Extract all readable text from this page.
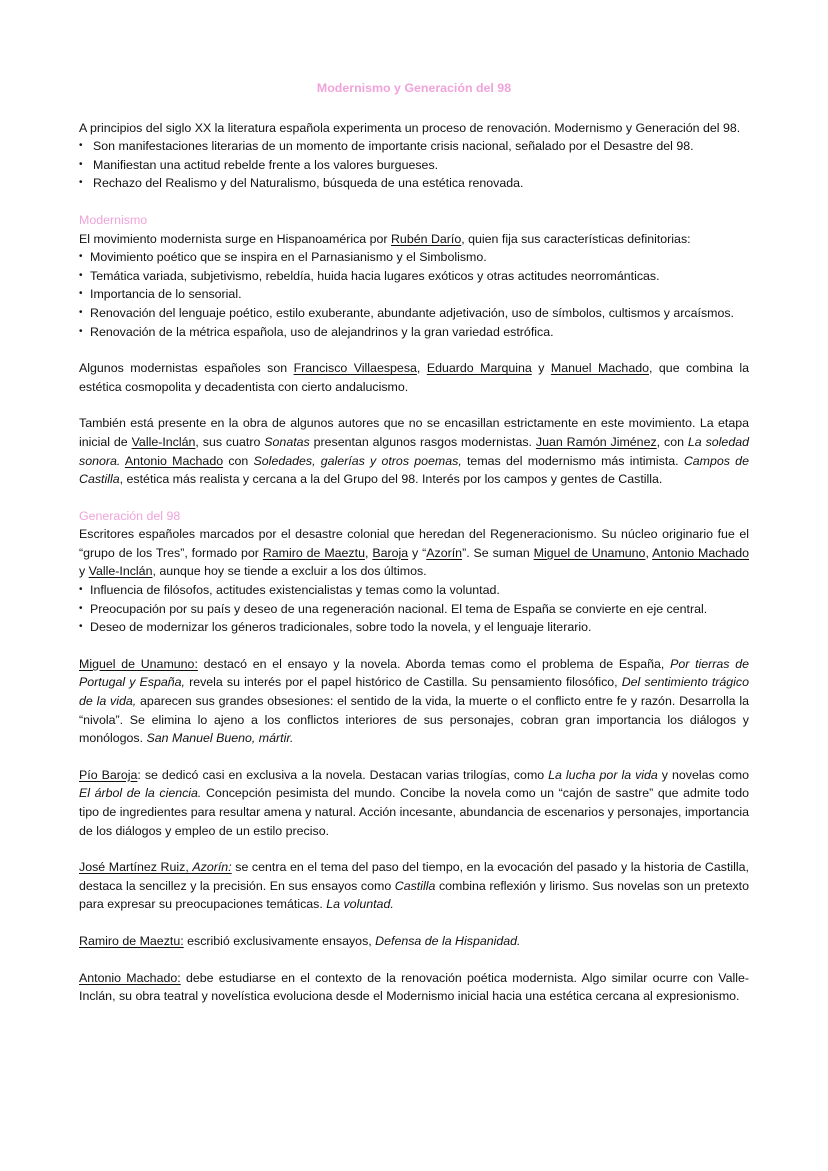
Modernismo y Generación del 98

A principios del siglo XX la literatura española experimenta un proceso de renovación. Modernismo y Generación del 98.

• Son manifestaciones literarias de un momento de importante crisis nacional, señalado por el Desastre del 98.
• Manifiestan una actitud rebelde frente a los valores burgueses.
• Rechazo del Realismo y del Naturalismo, búsqueda de una estética renovada.

Modernismo

El movimiento modernista surge en Hispanoamérica por Rubén Darío, quien fija sus características definitorias:

• Movimiento poético que se inspira en el Parnasianismo y el Simbolismo.
• Temática variada, subjetivismo, rebeldía, huida hacia lugares exóticos y otras actitudes neorrománticas.
• Importancia de lo sensorial.
• Renovación del lenguaje poético, estilo exuberante, abundante adjetivación, uso de símbolos, cultismos y arcaísmos.
• Renovación de la métrica española, uso de alejandrinos y la gran variedad estrófica.

Algunos modernistas españoles son Francisco Villaespesa, Eduardo Marquina y Manuel Machado, que combina la estética cosmopolita y decadentista con cierto andalucismo.

También está presente en la obra de algunos autores que no se encasillan estrictamente en este movimiento. La etapa inicial de Valle-Inclán, sus cuatro Sonatas presentan algunos rasgos modernistas. Juan Ramón Jiménez, con La soledad sonora. Antonio Machado con Soledades, galerías y otros poemas, temas del modernismo más intimista. Campos de Castilla, estética más realista y cercana a la del Grupo del 98. Interés por los campos y gentes de Castilla.

Generación del 98

Escritores españoles marcados por el desastre colonial que heredan del Regeneracionismo. Su núcleo originario fue el “grupo de los Tres”, formado por Ramiro de Maeztu, Baroja y “Azorín”. Se suman Miguel de Unamuno, Antonio Machado y Valle-Inclán, aunque hoy se tiende a excluir a los dos últimos.

• Influencia de filósofos, actitudes existencialistas y temas como la voluntad.
• Preocupación por su país y deseo de una regeneración nacional. El tema de España se convierte en eje central.
• Deseo de modernizar los géneros tradicionales, sobre todo la novela, y el lenguaje literario.

Miguel de Unamuno: destacó en el ensayo y la novela. Aborda temas como el problema de España, Por tierras de Portugal y España, revela su interés por el papel histórico de Castilla. Su pensamiento filosófico, Del sentimiento trágico de la vida, aparecen sus grandes obsesiones: el sentido de la vida, la muerte o el conflicto entre fe y razón. Desarrolla la “nivola”. Se elimina lo ajeno a los conflictos interiores de sus personajes, cobran gran importancia los diálogos y monólogos. San Manuel Bueno, mártir.

Pío Baroja: se dedicó casi en exclusiva a la novela. Destacan varias trilogías, como La lucha por la vida y novelas como El árbol de la ciencia. Concepción pesimista del mundo. Concibe la novela como un “cajón de sastre” que admite todo tipo de ingredientes para resultar amena y natural. Acción incesante, abundancia de escenarios y personajes, importancia de los diálogos y empleo de un estilo preciso.

José Martínez Ruiz, Azorín: se centra en el tema del paso del tiempo, en la evocación del pasado y la historia de Castilla, destaca la sencillez y la precisión. En sus ensayos como Castilla combina reflexión y lirismo. Sus novelas son un pretexto para expresar su preocupaciones temáticas. La voluntad.

Ramiro de Maeztu: escribió exclusivamente ensayos, Defensa de la Hispanidad.

Antonio Machado: debe estudiarse en el contexto de la renovación poética modernista. Algo similar ocurre con Valle-Inclán, su obra teatral y novelística evoluciona desde el Modernismo inicial hacia una estética cercana al expresionismo.
